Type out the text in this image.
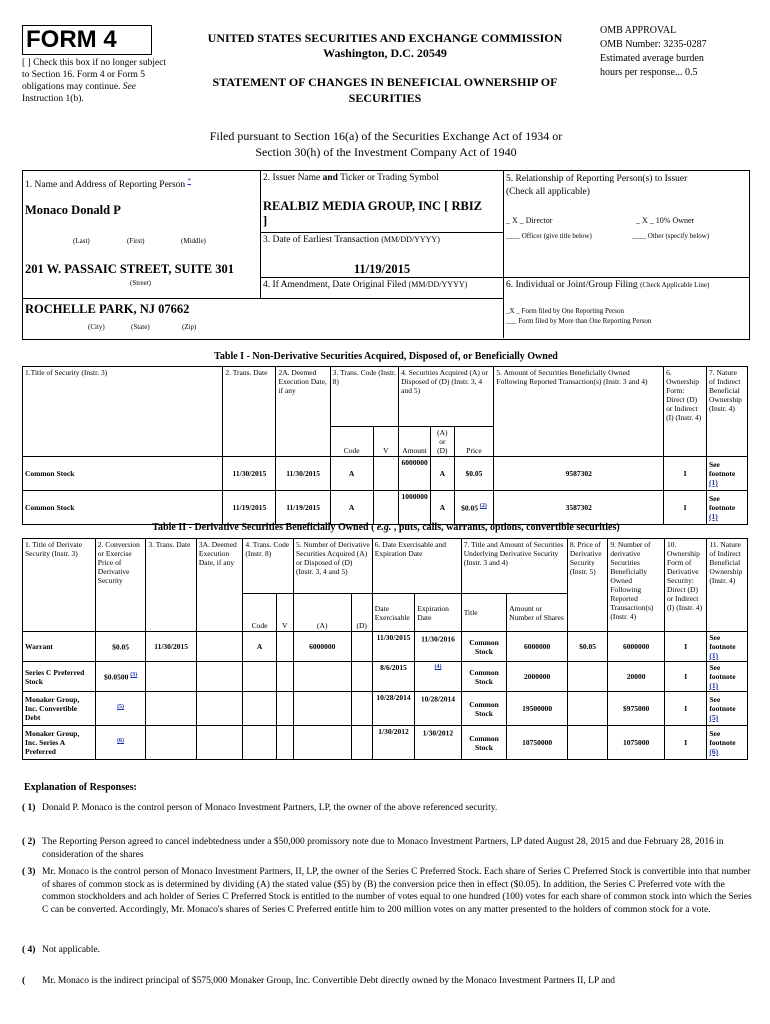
FORM 4
[ ] Check this box if no longer subject to Section 16. Form 4 or Form 5 obligations may continue. See Instruction 1(b).
UNITED STATES SECURITIES AND EXCHANGE COMMISSION
Washington, D.C. 20549
STATEMENT OF CHANGES IN BENEFICIAL OWNERSHIP OF SECURITIES
OMB APPROVAL
OMB Number: 3235-0287
Estimated average burden
hours per response... 0.5
Filed pursuant to Section 16(a) of the Securities Exchange Act of 1934 or
Section 30(h) of the Investment Company Act of 1940
1. Name and Address of Reporting Person *
Monaco Donald P
(Last)	(First)	(Middle)
201 W. PASSAIC STREET, SUITE 301
(Street)
ROCHELLE PARK, NJ 07662
(City)	(State)	(Zip)
2. Issuer Name and Ticker or Trading Symbol
REALBIZ MEDIA GROUP, INC [ RBIZ
]
3. Date of Earliest Transaction (MM/DD/YYYY)
11/19/2015
4. If Amendment, Date Original Filed (MM/DD/YYYY)
5. Relationship of Reporting Person(s) to Issuer
(Check all applicable)
_ X _ Director	_ X _ 10% Owner
____ Officer (give title below)	____ Other (specify below)
6. Individual or Joint/Group Filing (Check Applicable Line)
_X _ Form filed by One Reporting Person
___ Form filed by More than One Reporting Person
Table I - Non-Derivative Securities Acquired, Disposed of, or Beneficially Owned
1.Title of Security (Instr. 3)	2. Trans. Date	2A. Deemed Execution Date, if any	3. Trans. Code (Instr. 8)		4. Securities Acquired (A) or Disposed of (D) (Instr. 3, 4 and 5)			5. Amount of Securities Beneficially Owned Following Reported Transaction(s) (Instr. 3 and 4)	6. Ownership Form: Direct (D) or Indirect (I) (Instr. 4)	7. Nature of Indirect Beneficial Ownership (Instr. 4)
			Code	V	Amount	(A) or (D)	Price			
Common Stock	11/30/2015	11/30/2015	A		6000000	A	$0.05	9587302	I	See footnote
(1)
Common Stock	11/19/2015	11/19/2015	A		1000000	A	$0.05 $^{(2)}$	3587302	I	See footnote
(1)
Table II - Derivative Securities Beneficially Owned ( e.g. , puts, calls, warrants, options, convertible securities)
1. Title of Derivate Security (Instr. 3)	2. Conversion or Exercise Price of Derivative Security	3. Trans. Date	3A. Deemed Execution Date, if any	4. Trans. Code (Instr. 8)		5. Number of Derivative Securities Acquired (A) or Disposed of (D) (Instr. 3, 4 and 5)		6. Date Exercisable and Expiration Date		7. Title and Amount of Securities Underlying Derivative Security (Instr. 3 and 4)		8. Price of Derivative Security (Instr. 5)	9. Number of derivative Securities Beneficially Owned Following Reported Transaction(s) (Instr. 4)	10. Ownership Form of Derivative Security: Direct (D) or Indirect (I) (Instr. 4)	11. Nature of Indirect Beneficial Ownership (Instr. 4)
				Code	V	(A)	(D)	Date Exercisable	Expiration Date	Title	Amount or Number of Shares				
Warrant	$0.05	11/30/2015		A		6000000		11/30/2015	11/30/2016	Common Stock	6000000	$0.05	6000000	I	See footnote
(1)
Series C Preferred Stock	$0.0500 $^{(3)}$							8/6/2015	$^{(4)}$	Common Stock	2000000		20000	I	See footnote
(1)
Monaker Group, Inc. Convertible Debt	$^{(5)}$							10/28/2014	10/28/2014	Common Stock	19500000		$975000	I	See footnote
(5)
Monaker Group, Inc. Series A Preferred	$^{(6)}$							1/30/2012	1/30/2012	Common Stock	10750000		1075000	I	See footnote
(6)
Explanation of Responses:
( 1) Donald P. Monaco is the control person of Monaco Investment Partners, LP, the owner of the above referenced security.
( 2) The Reporting Person agreed to cancel indebtedness under a $50,000 promissory note due to Monaco Investment Partners, LP dated August 28, 2015 and due February 28, 2016 in consideration of the shares
( 3) Mr. Monaco is the control person of Monaco Investment Partners, II, LP, the owner of the Series C Preferred Stock. Each share of Series C Preferred Stock is convertible into that number of shares of common stock as is determined by dividing (A) the stated value ($5) by (B) the conversion price then in effect ($0.05). In addition, the Series C Preferred vote with the common stockholders and ach holder of Series C Preferred Stock is entitled to the number of votes equal to one hundred (100) votes for each share of common stock into which the Series C can be converted. Accordingly, Mr. Monaco's shares of Series C Preferred entitle him to 200 million votes on any matter presented to the holders of common stock for a vote.
( 4) Not applicable.
(	Mr. Monaco is the indirect principal of $575,000 Monaker Group, Inc. Convertible Debt directly owned by the Monaco Investment Partners II, LP and
